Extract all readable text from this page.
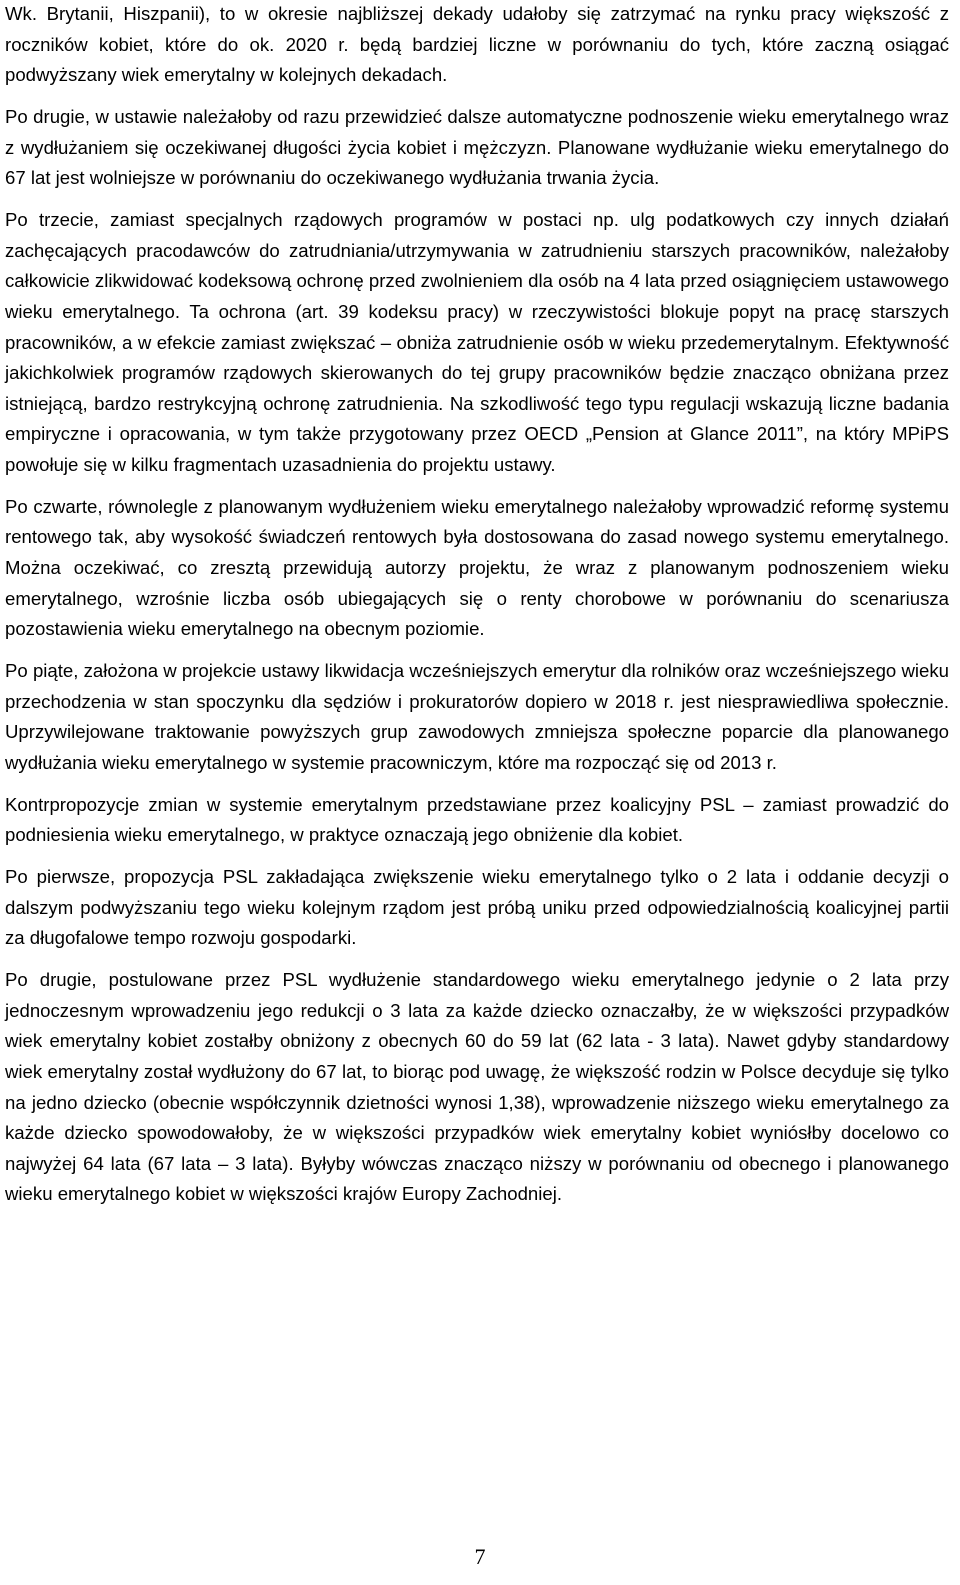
Wk. Brytanii, Hiszpanii), to w okresie najbliższej dekady udałoby się zatrzymać na rynku pracy większość z roczników kobiet, które do ok. 2020 r. będą bardziej liczne w porównaniu do tych, które zaczną osiągać podwyższany wiek emerytalny w kolejnych dekadach.

Po drugie, w ustawie należałoby od razu przewidzieć dalsze automatyczne podnoszenie wieku emerytalnego wraz z wydłużaniem się oczekiwanej długości życia kobiet i mężczyzn. Planowane wydłużanie wieku emerytalnego do 67 lat jest wolniejsze w porównaniu do oczekiwanego wydłużania trwania życia.

Po trzecie, zamiast specjalnych rządowych programów w postaci np. ulg podatkowych czy innych działań zachęcających pracodawców do zatrudniania/utrzymywania w zatrudnieniu starszych pracowników, należałoby całkowicie zlikwidować kodeksową ochronę przed zwolnieniem dla osób na 4 lata przed osiągnięciem ustawowego wieku emerytalnego. Ta ochrona (art. 39 kodeksu pracy) w rzeczywistości blokuje popyt na pracę starszych pracowników, a w efekcie zamiast zwiększać – obniża zatrudnienie osób w wieku przedemerytalnym. Efektywność jakichkolwiek programów rządowych skierowanych do tej grupy pracowników będzie znacząco obniżana przez istniejącą, bardzo restrykcyjną ochronę zatrudnienia. Na szkodliwość tego typu regulacji wskazują liczne badania empiryczne i opracowania, w tym także przygotowany przez OECD „Pension at Glance 2011”, na który MPiPS powołuje się w kilku fragmentach uzasadnienia do projektu ustawy.

Po czwarte, równolegle z planowanym wydłużeniem wieku emerytalnego należałoby wprowadzić reformę systemu rentowego tak, aby wysokość świadczeń rentowych była dostosowana do zasad nowego systemu emerytalnego. Można oczekiwać, co zresztą przewidują autorzy projektu, że wraz z planowanym podnoszeniem wieku emerytalnego, wzrośnie liczba osób ubiegających się o renty chorobowe w porównaniu do scenariusza pozostawienia wieku emerytalnego na obecnym poziomie.

Po piąte, założona w projekcie ustawy likwidacja wcześniejszych emerytur dla rolników oraz wcześniejszego wieku przechodzenia w stan spoczynku dla sędziów i prokuratorów dopiero w 2018 r. jest niesprawiedliwa społecznie. Uprzywilejowane traktowanie powyższych grup zawodowych zmniejsza społeczne poparcie dla planowanego wydłużania wieku emerytalnego w systemie pracowniczym, które ma rozpocząć się od 2013 r.

Kontrpropozycje zmian w systemie emerytalnym przedstawiane przez koalicyjny PSL – zamiast prowadzić do podniesienia wieku emerytalnego, w praktyce oznaczają jego obniżenie dla kobiet.

Po pierwsze, propozycja PSL zakładająca zwiększenie wieku emerytalnego tylko o 2 lata i oddanie decyzji o dalszym podwyższaniu tego wieku kolejnym rządom jest próbą uniku przed odpowiedzialnością koalicyjnej partii za długofalowe tempo rozwoju gospodarki.

Po drugie, postulowane przez PSL wydłużenie standardowego wieku emerytalnego jedynie o 2 lata przy jednoczesnym wprowadzeniu jego redukcji o 3 lata za każde dziecko oznaczałby, że w większości przypadków wiek emerytalny kobiet zostałby obniżony z obecnych 60 do 59 lat (62 lata - 3 lata). Nawet gdyby standardowy wiek emerytalny został wydłużony do 67 lat, to biorąc pod uwagę, że większość rodzin w Polsce decyduje się tylko na jedno dziecko (obecnie współczynnik dzietności wynosi 1,38), wprowadzenie niższego wieku emerytalnego za każde dziecko spowodowałoby, że w większości przypadków wiek emerytalny kobiet wyniósłby docelowo co najwyżej 64 lata (67 lata – 3 lata). Byłyby wówczas znacząco niższy w porównaniu od obecnego i planowanego wieku emerytalnego kobiet w większości krajów Europy Zachodniej.

7
